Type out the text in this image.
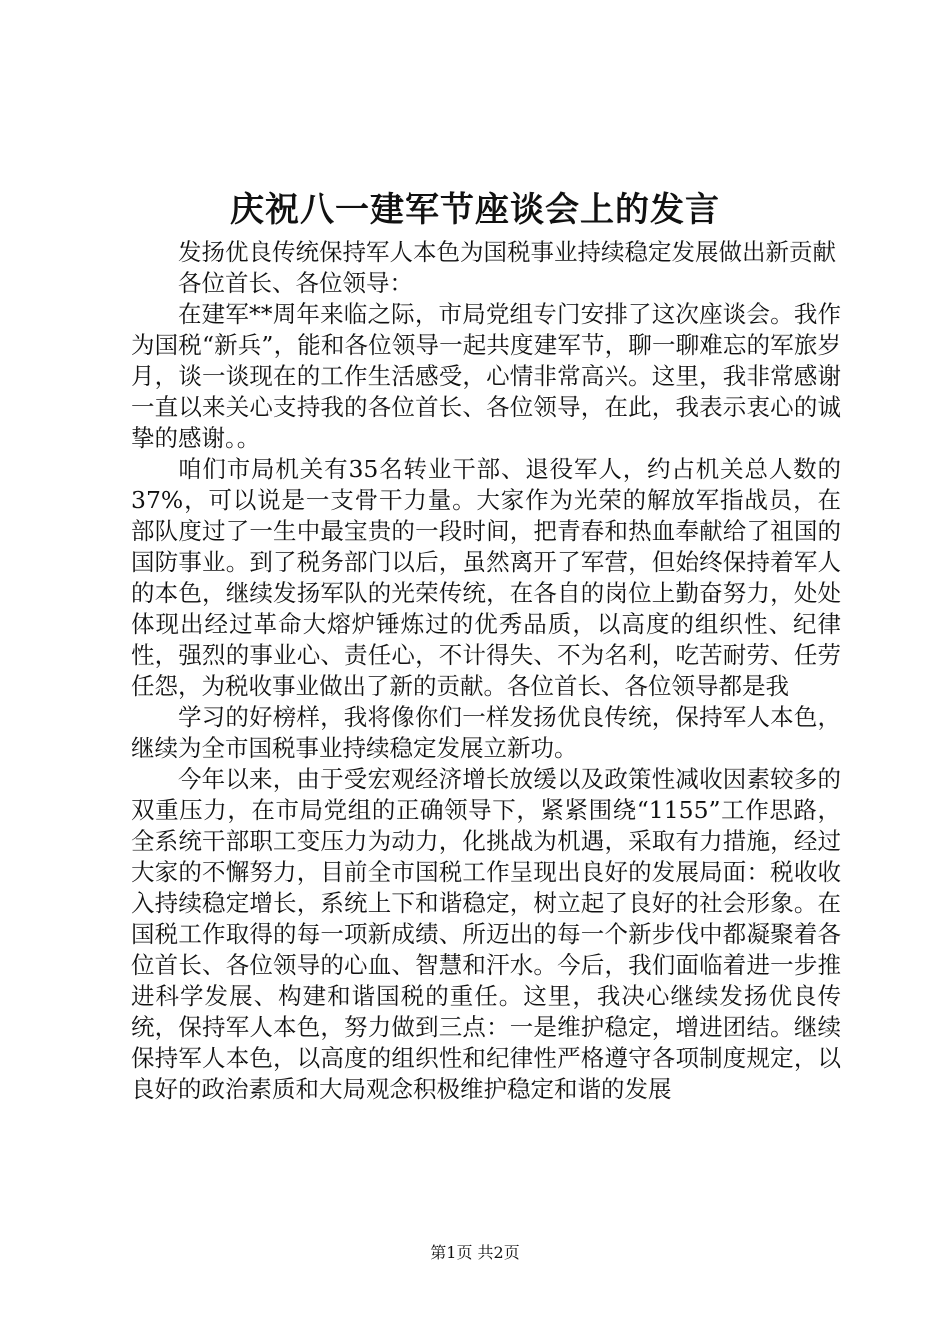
庆祝八一建军节座谈会上的发言

发扬优良传统保持军人本色为国税事业持续稳定发展做出新贡献

各位首长、各位领导：

在建军**周年来临之际，市局党组专门安排了这次座谈会。我作为国税“新兵”，能和各位领导一起共度建军节，聊一聊难忘的军旅岁月，谈一谈现在的工作生活感受，心情非常高兴。这里，我非常感谢一直以来关心支持我的各位首长、各位领导，在此，我表示衷心的诚挚的感谢。。

咱们市局机关有35名转业干部、退役军人，约占机关总人数的37%，可以说是一支骨干力量。大家作为光荣的解放军指战员，在部队度过了一生中最宝贵的一段时间，把青春和热血奉献给了祖国的国防事业。到了税务部门以后，虽然离开了军营，但始终保持着军人的本色，继续发扬军队的光荣传统，在各自的岗位上勤奋努力，处处体现出经过革命大熔炉锤炼过的优秀品质，以高度的组织性、纪律性，强烈的事业心、责任心，不计得失、不为名利，吃苦耐劳、任劳任怨，为税收事业做出了新的贡献。各位首长、各位领导都是我

学习的好榜样，我将像你们一样发扬优良传统，保持军人本色，继续为全市国税事业持续稳定发展立新功。

今年以来，由于受宏观经济增长放缓以及政策性减收因素较多的双重压力，在市局党组的正确领导下，紧紧围绕“1155”工作思路，全系统干部职工变压力为动力，化挑战为机遇，采取有力措施，经过大家的不懈努力，目前全市国税工作呈现出良好的发展局面：税收收入持续稳定增长，系统上下和谐稳定，树立起了良好的社会形象。在国税工作取得的每一项新成绩、所迈出的每一个新步伐中都凝聚着各位首长、各位领导的心血、智慧和汗水。今后，我们面临着进一步推进科学发展、构建和谐国税的重任。这里，我决心继续发扬优良传统，保持军人本色，努力做到三点：一是维护稳定，增进团结。继续保持军人本色，以高度的组织性和纪律性严格遵守各项制度规定，以良好的政治素质和大局观念积极维护稳定和谐的发展

第1页 共2页
